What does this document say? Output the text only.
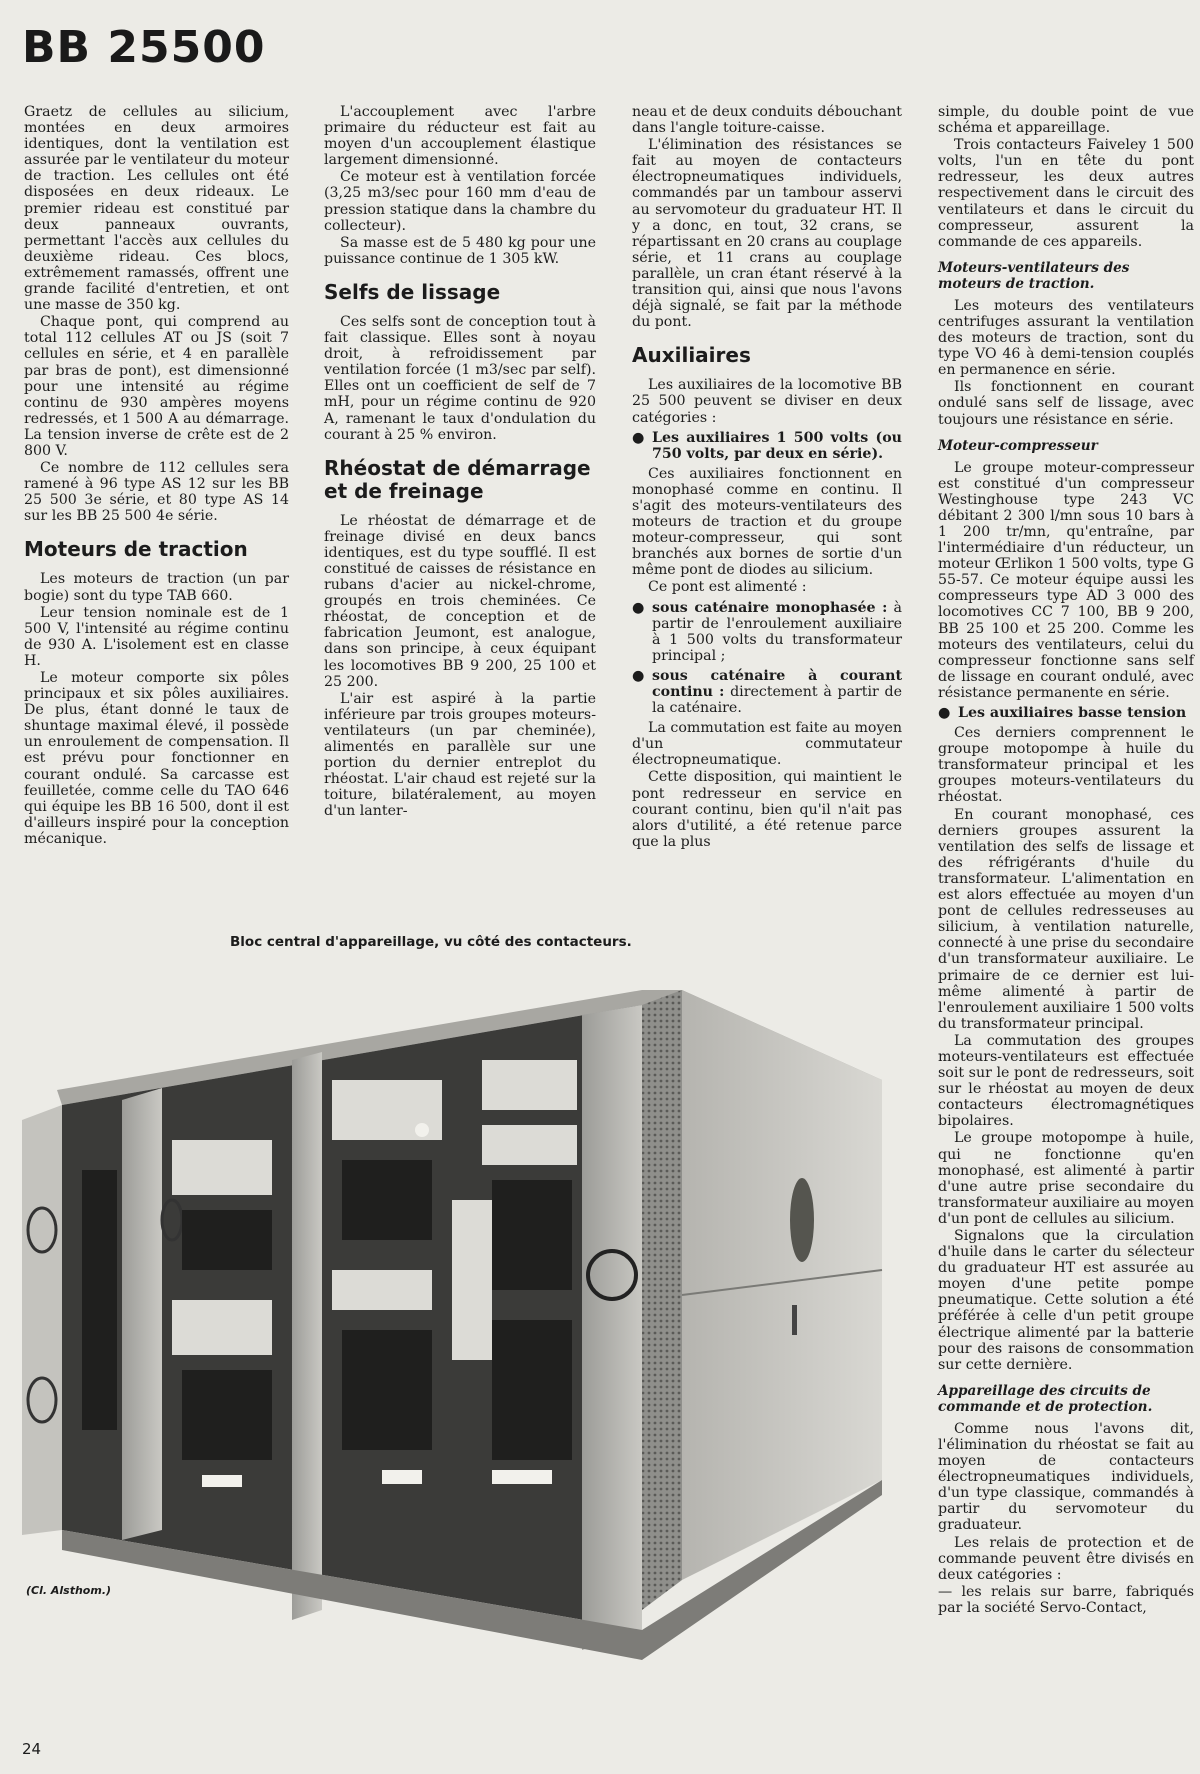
BB 25500

Graetz de cellules au silicium, montées en deux armoires identiques, dont la ventilation est assurée par le ventilateur du moteur de traction. Les cellules ont été disposées en deux rideaux. Le premier rideau est constitué par deux panneaux ouvrants, permettant l'accès aux cellules du deuxième rideau. Ces blocs, extrêmement ramassés, offrent une grande facilité d'entretien, et ont une masse de 350 kg.

Chaque pont, qui comprend au total 112 cellules AT ou JS (soit 7 cellules en série, et 4 en parallèle par bras de pont), est dimensionné pour une intensité au régime continu de 930 ampères moyens redressés, et 1 500 A au démarrage. La tension inverse de crête est de 2 800 V.

Ce nombre de 112 cellules sera ramené à 96 type AS 12 sur les BB 25 500 3e série, et 80 type AS 14 sur les BB 25 500 4e série.

Moteurs de traction

Les moteurs de traction (un par bogie) sont du type TAB 660.

Leur tension nominale est de 1 500 V, l'intensité au régime continu de 930 A. L'isolement est en classe H.

Le moteur comporte six pôles principaux et six pôles auxiliaires. De plus, étant donné le taux de shuntage maximal élevé, il possède un enroulement de compensation. Il est prévu pour fonctionner en courant ondulé. Sa carcasse est feuilletée, comme celle du TAO 646 qui équipe les BB 16 500, dont il est d'ailleurs inspiré pour la conception mécanique.

L'accouplement avec l'arbre primaire du réducteur est fait au moyen d'un accouplement élastique largement dimensionné.

Ce moteur est à ventilation forcée (3,25 m3/sec pour 160 mm d'eau de pression statique dans la chambre du collecteur).

Sa masse est de 5 480 kg pour une puissance continue de 1 305 kW.

Selfs de lissage

Ces selfs sont de conception tout à fait classique. Elles sont à noyau droit, à refroidissement par ventilation forcée (1 m3/sec par self). Elles ont un coefficient de self de 7 mH, pour un régime continu de 920 A, ramenant le taux d'ondulation du courant à 25 % environ.

Rhéostat de démarrage et de freinage

Le rhéostat de démarrage et de freinage divisé en deux bancs identiques, est du type soufflé. Il est constitué de caisses de résistance en rubans d'acier au nickel-chrome, groupés en trois cheminées. Ce rhéostat, de conception et de fabrication Jeumont, est analogue, dans son principe, à ceux équipant les locomotives BB 9 200, 25 100 et 25 200.

L'air est aspiré à la partie inférieure par trois groupes moteurs-ventilateurs (un par cheminée), alimentés en parallèle sur une portion du dernier entreplot du rhéostat. L'air chaud est rejeté sur la toiture, bilatéralement, au moyen d'un lanter-

neau et de deux conduits débouchant dans l'angle toiture-caisse.

L'élimination des résistances se fait au moyen de contacteurs électropneumatiques individuels, commandés par un tambour asservi au servomoteur du graduateur HT. Il y a donc, en tout, 32 crans, se répartissant en 20 crans au couplage série, et 11 crans au couplage parallèle, un cran étant réservé à la transition qui, ainsi que nous l'avons déjà signalé, se fait par la méthode du pont.

Auxiliaires

Les auxiliaires de la locomotive BB 25 500 peuvent se diviser en deux catégories :

● Les auxiliaires 1 500 volts (ou 750 volts, par deux en série).

Ces auxiliaires fonctionnent en monophasé comme en continu. Il s'agit des moteurs-ventilateurs des moteurs de traction et du groupe moteur-compresseur, qui sont branchés aux bornes de sortie d'un même pont de diodes au silicium.

Ce pont est alimenté :

● sous caténaire monophasée : à partir de l'enroulement auxiliaire à 1 500 volts du transformateur principal ;
● sous caténaire à courant continu : directement à partir de la caténaire.

La commutation est faite au moyen d'un commutateur électropneumatique.

Cette disposition, qui maintient le pont redresseur en service en courant continu, bien qu'il n'ait pas alors d'utilité, a été retenue parce que la plus

simple, du double point de vue schéma et appareillage.

Trois contacteurs Faiveley 1 500 volts, l'un en tête du pont redresseur, les deux autres respectivement dans le circuit des ventilateurs et dans le circuit du compresseur, assurent la commande de ces appareils.

Moteurs-ventilateurs des moteurs de traction.

Les moteurs des ventilateurs centrifuges assurant la ventilation des moteurs de traction, sont du type VO 46 à demi-tension couplés en permanence en série.

Ils fonctionnent en courant ondulé sans self de lissage, avec toujours une résistance en série.

Moteur-compresseur

Le groupe moteur-compresseur est constitué d'un compresseur Westinghouse type 243 VC débitant 2 300 l/mn sous 10 bars à 1 200 tr/mn, qu'entraîne, par l'intermédiaire d'un réducteur, un moteur Œrlikon 1 500 volts, type G 55-57. Ce moteur équipe aussi les compresseurs type AD 3 000 des locomotives CC 7 100, BB 9 200, BB 25 100 et 25 200. Comme les moteurs des ventilateurs, celui du compresseur fonctionne sans self de lissage en courant ondulé, avec résistance permanente en série.

● Les auxiliaires basse tension

Ces derniers comprennent le groupe motopompe à huile du transformateur principal et les groupes moteurs-ventilateurs du rhéostat.

En courant monophasé, ces derniers groupes assurent la ventilation des selfs de lissage et des réfrigérants d'huile du transformateur. L'alimentation en est alors effectuée au moyen d'un pont de cellules redresseuses au silicium, à ventilation naturelle, connecté à une prise du secondaire d'un transformateur auxiliaire. Le primaire de ce dernier est lui-même alimenté à partir de l'enroulement auxiliaire 1 500 volts du transformateur principal.

La commutation des groupes moteurs-ventilateurs est effectuée soit sur le pont de redresseurs, soit sur le rhéostat au moyen de deux contacteurs électromagnétiques bipolaires.

Le groupe motopompe à huile, qui ne fonctionne qu'en monophasé, est alimenté à partir d'une autre prise secondaire du transformateur auxiliaire au moyen d'un pont de cellules au silicium.

Signalons que la circulation d'huile dans le carter du sélecteur du graduateur HT est assurée au moyen d'une petite pompe pneumatique. Cette solution a été préférée à celle d'un petit groupe électrique alimenté par la batterie pour des raisons de consommation sur cette dernière.

Appareillage des circuits de commande et de protection.

Comme nous l'avons dit, l'élimination du rhéostat se fait au moyen de contacteurs électropneumatiques individuels, d'un type classique, commandés à partir du servomoteur du graduateur.

Les relais de protection et de commande peuvent être divisés en deux catégories :

— les relais sur barre, fabriqués par la société Servo-Contact,

Bloc central d'appareillage, vu côté des contacteurs.
(Cl. Alsthom.)
24
